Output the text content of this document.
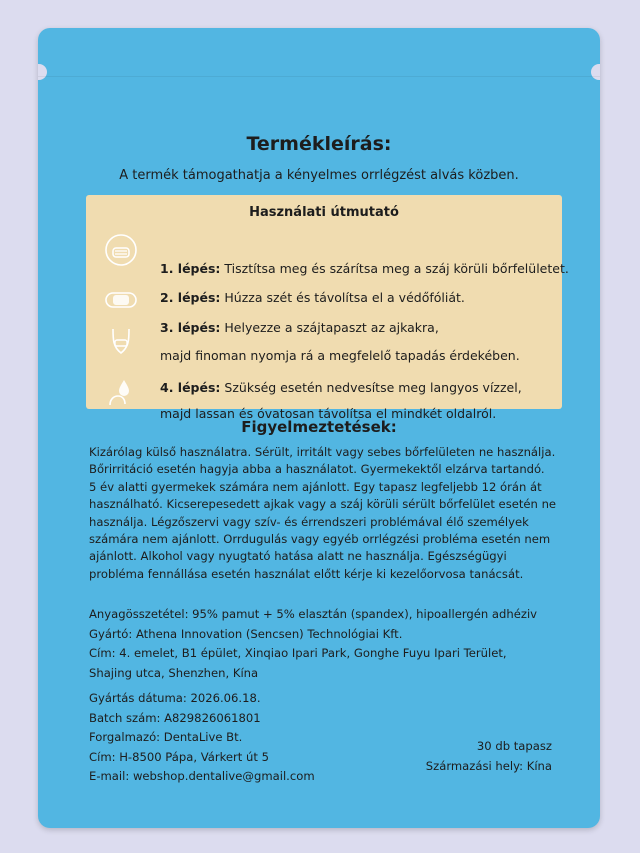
Termékleírás:
A termék támogathatja a kényelmes orrlégzést alvás közben.
Használati útmutató
1. lépés: Tisztítsa meg és szárítsa meg a száj körüli bőrfelületet.
2. lépés: Húzza szét és távolítsa el a védőfóliát.
3. lépés: Helyezze a szájtapaszt az ajkakra,
majd finoman nyomja rá a megfelelő tapadás érdekében.
4. lépés: Szükség esetén nedvesítse meg langyos vízzel,
majd lassan és óvatosan távolítsa el mindkét oldalról.
Figyelmeztetések:
Kizárólag külső használatra. Sérült, irritált vagy sebes bőrfelületen ne használja.
Bőrirritáció esetén hagyja abba a használatot. Gyermekektől elzárva tartandó.
5 év alatti gyermekek számára nem ajánlott. Egy tapasz legfeljebb 12 órán át
használható. Kicserepesedett ajkak vagy a száj körüli sérült bőrfelület esetén ne
használja. Légzőszervi vagy szív- és érrendszeri problémával élő személyek
számára nem ajánlott. Orrdugulás vagy egyéb orrlégzési probléma esetén nem
ajánlott. Alkohol vagy nyugtató hatása alatt ne használja. Egészségügyi
probléma fennállása esetén használat előtt kérje ki kezelőorvosa tanácsát.
Anyagösszetétel: 95% pamut + 5% elasztán (spandex), hipoallergén adhéziv
Gyártó: Athena Innovation (Sencsen) Technológiai Kft.
Cím: 4. emelet, B1 épület, Xinqiao Ipari Park, Gonghe Fuyu Ipari Terület,
Shajing utca, Shenzhen, Kína
Gyártás dátuma: 2026.06.18.
Batch szám: A829826061801
Forgalmazó: DentaLive Bt.
Cím: H-8500 Pápa, Várkert út 5
E-mail: webshop.dentalive@gmail.com
30 db tapasz
Származási hely: Kína
